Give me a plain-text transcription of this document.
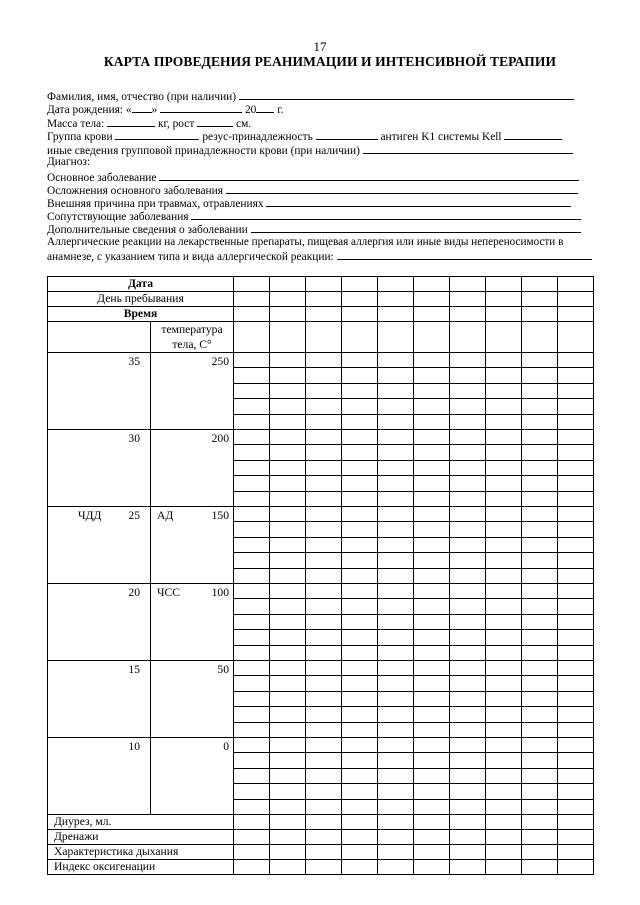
17
КАРТА ПРОВЕДЕНИЯ РЕАНИМАЦИИ И ИНТЕНСИВНОЙ ТЕРАПИИ
Фамилия, имя, отчество (при наличии)
Дата рождения: « »	20 г.
Масса тела:	кг, рост	см.
Группа крови	резус-принадлежность	антиген K1 системы Kell
иные сведения групповой принадлежности крови (при наличии)
Диагноз:
Основное заболевание
Осложнения основного заболевания
Внешняя причина при травмах, отравлениях
Сопутствующие заболевания
Дополнительные сведения о заболевании
Аллергические реакции на лекарственные препараты, пищевая аллергия или иные виды непереносимости в
анамнезе, с указанием типа и вида аллергической реакции:
Дата											
День пребывания											
Время											
	температура тела, С°										

35	250										

30	200										

ЧДД 25	АД 150										

20	ЧСС 100										

15	50										

10	0										

Диурез, мл.											
Дренажи											
Характеристика дыхания											
Индекс оксигенации											
